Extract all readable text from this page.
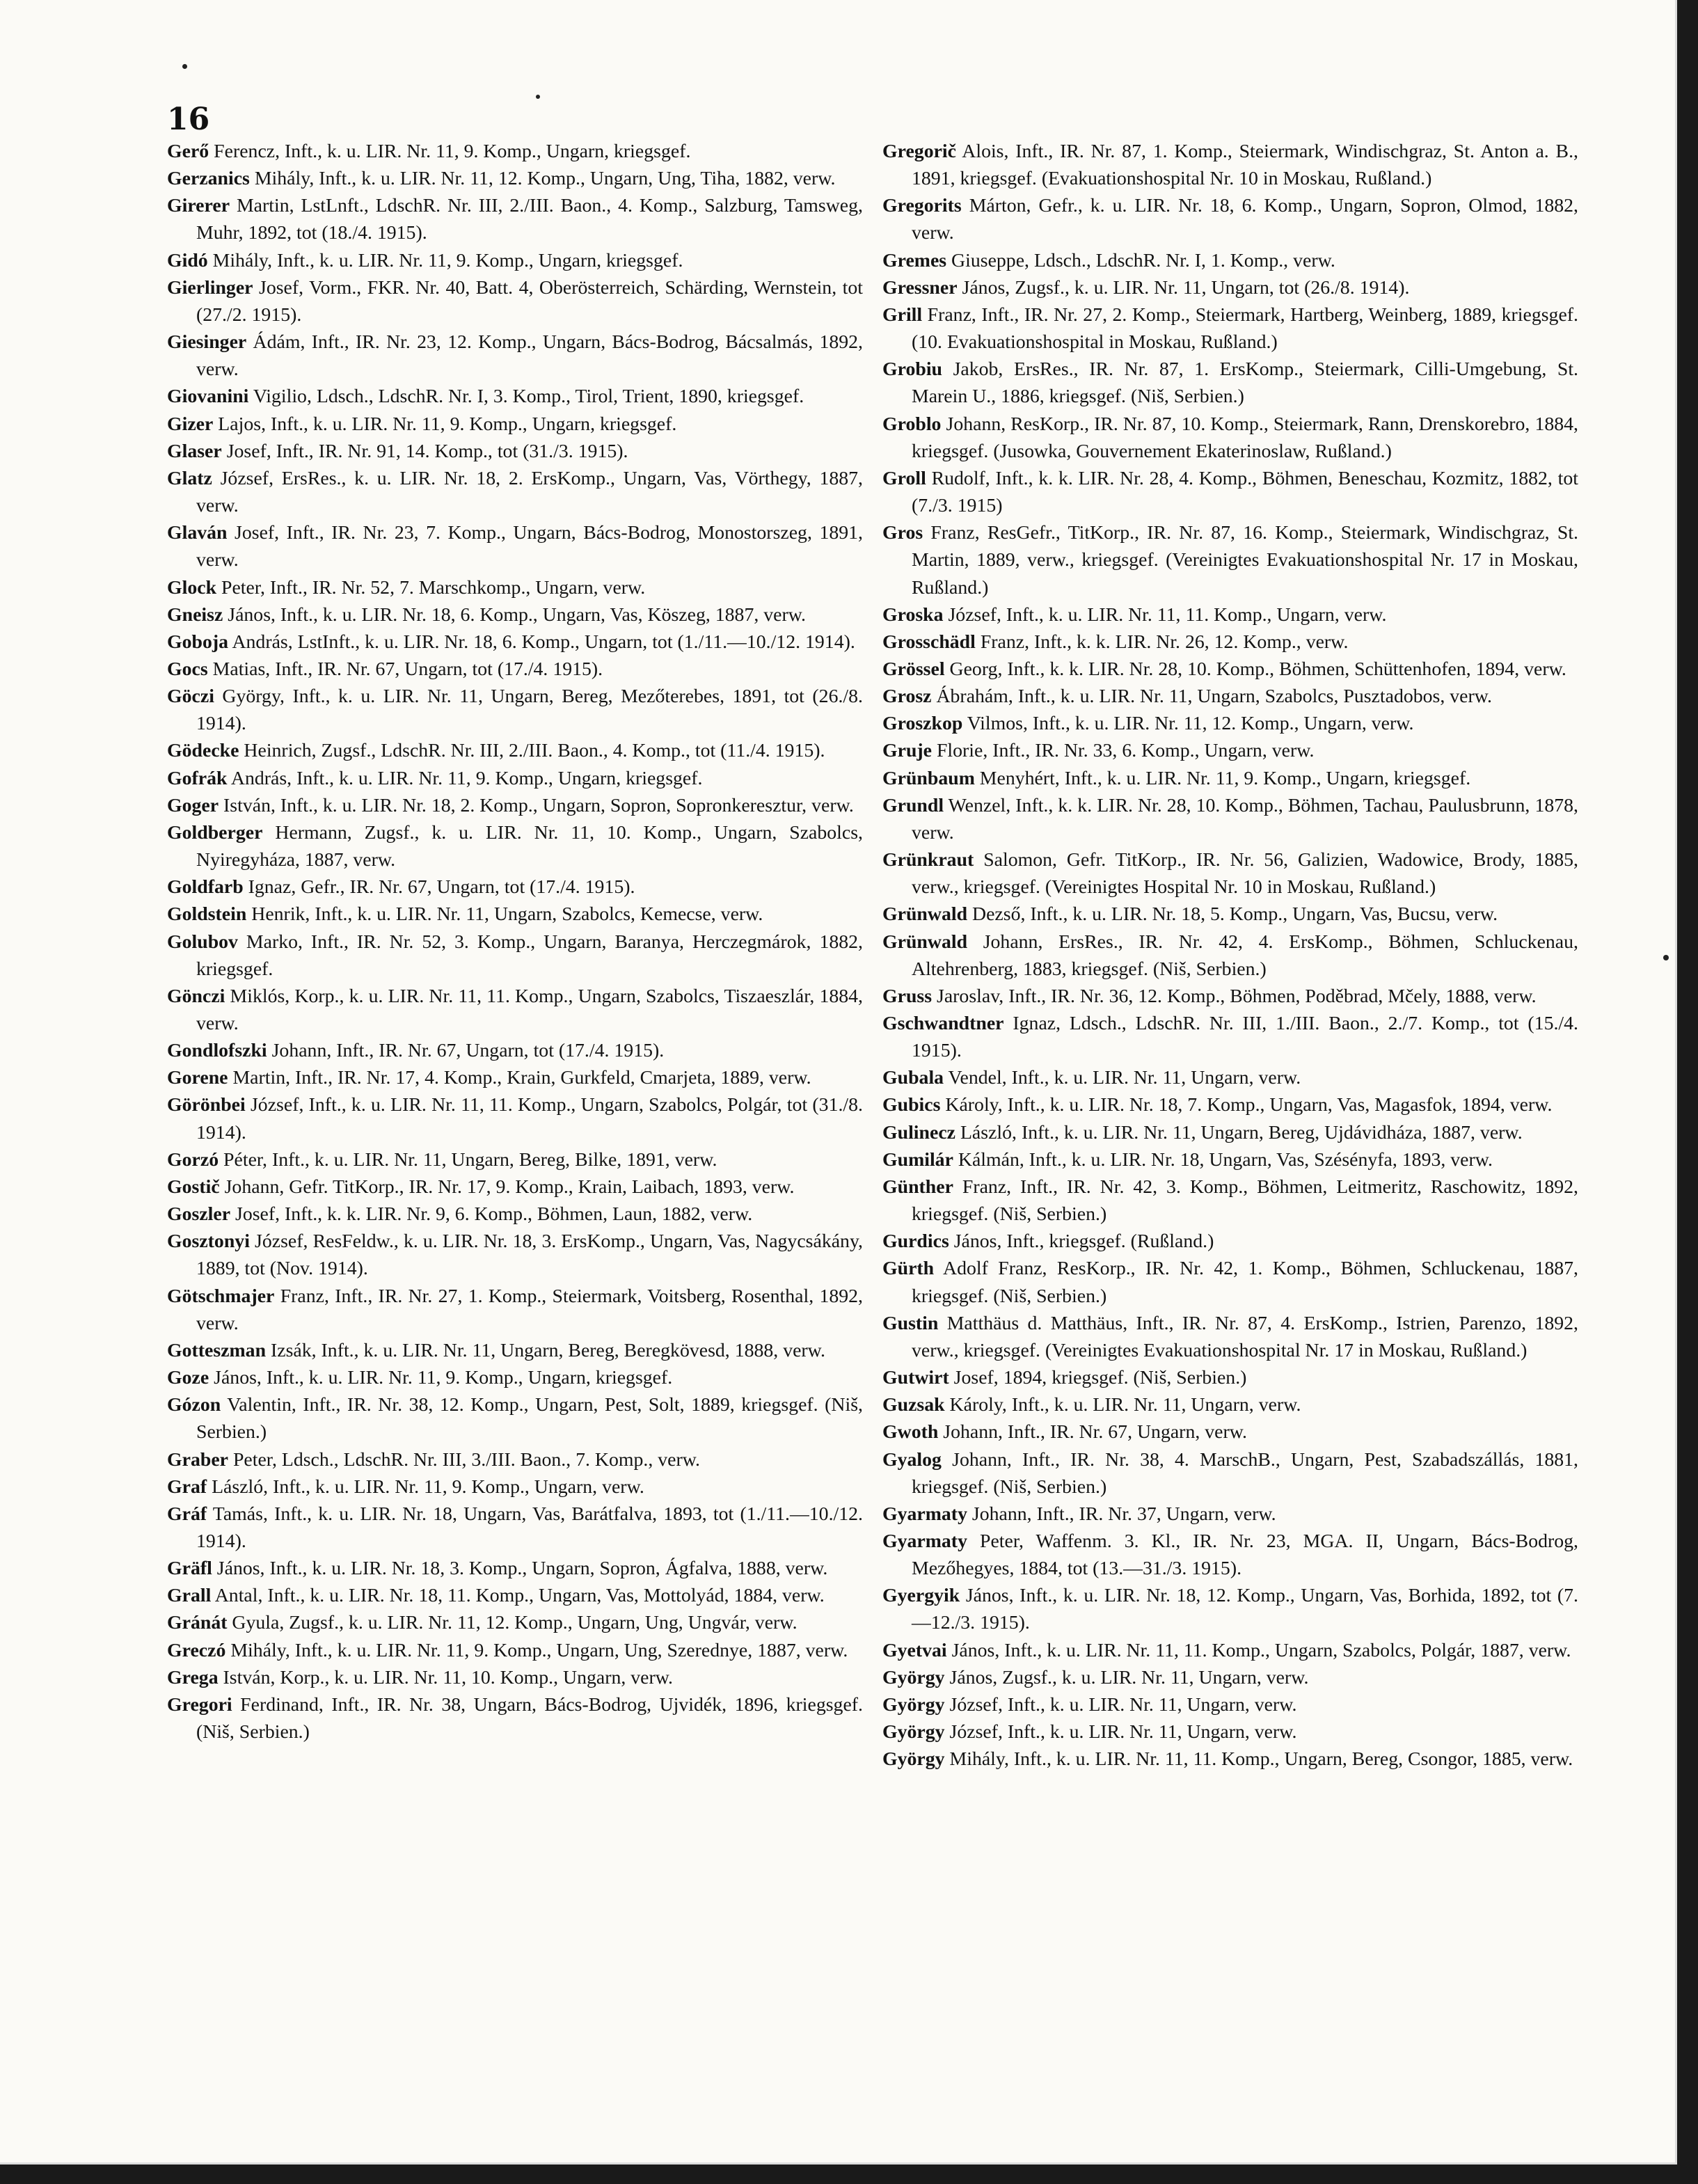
16

Gerő Ferencz, Inft., k. u. LIR. Nr. 11, 9. Komp., Ungarn, kriegsgef.

Gerzanics Mihály, Inft., k. u. LIR. Nr. 11, 12. Komp., Ungarn, Ung, Tiha, 1882, verw.

Girerer Martin, LstLnft., LdschR. Nr. III, 2./III. Baon., 4. Komp., Salzburg, Tamsweg, Muhr, 1892, tot (18./4. 1915).

Gidó Mihály, Inft., k. u. LIR. Nr. 11, 9. Komp., Ungarn, kriegsgef.

Gierlinger Josef, Vorm., FKR. Nr. 40, Batt. 4, Oberösterreich, Schärding, Wernstein, tot (27./2. 1915).

Giesinger Ádám, Inft., IR. Nr. 23, 12. Komp., Ungarn, Bács-Bodrog, Bácsalmás, 1892, verw.

Giovanini Vigilio, Ldsch., LdschR. Nr. I, 3. Komp., Tirol, Trient, 1890, kriegsgef.

Gizer Lajos, Inft., k. u. LIR. Nr. 11, 9. Komp., Ungarn, kriegsgef.

Glaser Josef, Inft., IR. Nr. 91, 14. Komp., tot (31./3. 1915).

Glatz József, ErsRes., k. u. LIR. Nr. 18, 2. ErsKomp., Ungarn, Vas, Vörthegy, 1887, verw.

Glaván Josef, Inft., IR. Nr. 23, 7. Komp., Ungarn, Bács-Bodrog, Monostorszeg, 1891, verw.

Glock Peter, Inft., IR. Nr. 52, 7. Marschkomp., Ungarn, verw.

Gneisz János, Inft., k. u. LIR. Nr. 18, 6. Komp., Ungarn, Vas, Köszeg, 1887, verw.

Goboja András, LstInft., k. u. LIR. Nr. 18, 6. Komp., Ungarn, tot (1./11.—10./12. 1914).

Gocs Matias, Inft., IR. Nr. 67, Ungarn, tot (17./4. 1915).

Göczi György, Inft., k. u. LIR. Nr. 11, Ungarn, Bereg, Mezőterebes, 1891, tot (26./8. 1914).

Gödecke Heinrich, Zugsf., LdschR. Nr. III, 2./III. Baon., 4. Komp., tot (11./4. 1915).

Gofrák András, Inft., k. u. LIR. Nr. 11, 9. Komp., Ungarn, kriegsgef.

Goger István, Inft., k. u. LIR. Nr. 18, 2. Komp., Ungarn, Sopron, Sopronkeresztur, verw.

Goldberger Hermann, Zugsf., k. u. LIR. Nr. 11, 10. Komp., Ungarn, Szabolcs, Nyiregyháza, 1887, verw.

Goldfarb Ignaz, Gefr., IR. Nr. 67, Ungarn, tot (17./4. 1915).

Goldstein Henrik, Inft., k. u. LIR. Nr. 11, Ungarn, Szabolcs, Kemecse, verw.

Golubov Marko, Inft., IR. Nr. 52, 3. Komp., Ungarn, Baranya, Herczegmárok, 1882, kriegsgef.

Gönczi Miklós, Korp., k. u. LIR. Nr. 11, 11. Komp., Ungarn, Szabolcs, Tiszaeszlár, 1884, verw.

Gondlofszki Johann, Inft., IR. Nr. 67, Ungarn, tot (17./4. 1915).

Gorene Martin, Inft., IR. Nr. 17, 4. Komp., Krain, Gurkfeld, Cmarjeta, 1889, verw.

Görönbei József, Inft., k. u. LIR. Nr. 11, 11. Komp., Ungarn, Szabolcs, Polgár, tot (31./8. 1914).

Gorzó Péter, Inft., k. u. LIR. Nr. 11, Ungarn, Bereg, Bilke, 1891, verw.

Gostič Johann, Gefr. TitKorp., IR. Nr. 17, 9. Komp., Krain, Laibach, 1893, verw.

Goszler Josef, Inft., k. k. LIR. Nr. 9, 6. Komp., Böhmen, Laun, 1882, verw.

Gosztonyi József, ResFeldw., k. u. LIR. Nr. 18, 3. ErsKomp., Ungarn, Vas, Nagycsákány, 1889, tot (Nov. 1914).

Götschmajer Franz, Inft., IR. Nr. 27, 1. Komp., Steiermark, Voitsberg, Rosenthal, 1892, verw.

Gotteszman Izsák, Inft., k. u. LIR. Nr. 11, Ungarn, Bereg, Beregkövesd, 1888, verw.

Goze János, Inft., k. u. LIR. Nr. 11, 9. Komp., Ungarn, kriegsgef.

Gózon Valentin, Inft., IR. Nr. 38, 12. Komp., Ungarn, Pest, Solt, 1889, kriegsgef. (Niš, Serbien.)

Graber Peter, Ldsch., LdschR. Nr. III, 3./III. Baon., 7. Komp., verw.

Graf László, Inft., k. u. LIR. Nr. 11, 9. Komp., Ungarn, verw.

Gráf Tamás, Inft., k. u. LIR. Nr. 18, Ungarn, Vas, Barátfalva, 1893, tot (1./11.—10./12. 1914).

Gräfl János, Inft., k. u. LIR. Nr. 18, 3. Komp., Ungarn, Sopron, Ágfalva, 1888, verw.

Grall Antal, Inft., k. u. LIR. Nr. 18, 11. Komp., Ungarn, Vas, Mottolyád, 1884, verw.

Gránát Gyula, Zugsf., k. u. LIR. Nr. 11, 12. Komp., Ungarn, Ung, Ungvár, verw.

Greczó Mihály, Inft., k. u. LIR. Nr. 11, 9. Komp., Ungarn, Ung, Szerednye, 1887, verw.

Grega István, Korp., k. u. LIR. Nr. 11, 10. Komp., Ungarn, verw.

Gregori Ferdinand, Inft., IR. Nr. 38, Ungarn, Bács-Bodrog, Ujvidék, 1896, kriegsgef. (Niš, Serbien.)

Gregorič Alois, Inft., IR. Nr. 87, 1. Komp., Steiermark, Windischgraz, St. Anton a. B., 1891, kriegsgef. (Evakuationshospital Nr. 10 in Moskau, Rußland.)

Gregorits Márton, Gefr., k. u. LIR. Nr. 18, 6. Komp., Ungarn, Sopron, Olmod, 1882, verw.

Gremes Giuseppe, Ldsch., LdschR. Nr. I, 1. Komp., verw.

Gressner János, Zugsf., k. u. LIR. Nr. 11, Ungarn, tot (26./8. 1914).

Grill Franz, Inft., IR. Nr. 27, 2. Komp., Steiermark, Hartberg, Weinberg, 1889, kriegsgef. (10. Evakuationshospital in Moskau, Rußland.)

Grobiu Jakob, ErsRes., IR. Nr. 87, 1. ErsKomp., Steiermark, Cilli-Umgebung, St. Marein U., 1886, kriegsgef. (Niš, Serbien.)

Groblo Johann, ResKorp., IR. Nr. 87, 10. Komp., Steiermark, Rann, Drenskorebro, 1884, kriegsgef. (Jusowka, Gouvernement Ekaterinoslaw, Rußland.)

Groll Rudolf, Inft., k. k. LIR. Nr. 28, 4. Komp., Böhmen, Beneschau, Kozmitz, 1882, tot (7./3. 1915)

Gros Franz, ResGefr., TitKorp., IR. Nr. 87, 16. Komp., Steiermark, Windischgraz, St. Martin, 1889, verw., kriegsgef. (Vereinigtes Evakuationshospital Nr. 17 in Moskau, Rußland.)

Groska József, Inft., k. u. LIR. Nr. 11, 11. Komp., Ungarn, verw.

Grosschädl Franz, Inft., k. k. LIR. Nr. 26, 12. Komp., verw.

Grössel Georg, Inft., k. k. LIR. Nr. 28, 10. Komp., Böhmen, Schüttenhofen, 1894, verw.

Grosz Ábrahám, Inft., k. u. LIR. Nr. 11, Ungarn, Szabolcs, Pusztadobos, verw.

Groszkop Vilmos, Inft., k. u. LIR. Nr. 11, 12. Komp., Ungarn, verw.

Gruje Florie, Inft., IR. Nr. 33, 6. Komp., Ungarn, verw.

Grünbaum Menyhért, Inft., k. u. LIR. Nr. 11, 9. Komp., Ungarn, kriegsgef.

Grundl Wenzel, Inft., k. k. LIR. Nr. 28, 10. Komp., Böhmen, Tachau, Paulusbrunn, 1878, verw.

Grünkraut Salomon, Gefr. TitKorp., IR. Nr. 56, Galizien, Wadowice, Brody, 1885, verw., kriegsgef. (Vereinigtes Hospital Nr. 10 in Moskau, Rußland.)

Grünwald Dezső, Inft., k. u. LIR. Nr. 18, 5. Komp., Ungarn, Vas, Bucsu, verw.

Grünwald Johann, ErsRes., IR. Nr. 42, 4. ErsKomp., Böhmen, Schluckenau, Altehrenberg, 1883, kriegsgef. (Niš, Serbien.)

Gruss Jaroslav, Inft., IR. Nr. 36, 12. Komp., Böhmen, Poděbrad, Mčely, 1888, verw.

Gschwandtner Ignaz, Ldsch., LdschR. Nr. III, 1./III. Baon., 2./7. Komp., tot (15./4. 1915).

Gubala Vendel, Inft., k. u. LIR. Nr. 11, Ungarn, verw.

Gubics Károly, Inft., k. u. LIR. Nr. 18, 7. Komp., Ungarn, Vas, Magasfok, 1894, verw.

Gulinecz László, Inft., k. u. LIR. Nr. 11, Ungarn, Bereg, Ujdávidháza, 1887, verw.

Gumilár Kálmán, Inft., k. u. LIR. Nr. 18, Ungarn, Vas, Szésényfa, 1893, verw.

Günther Franz, Inft., IR. Nr. 42, 3. Komp., Böhmen, Leitmeritz, Raschowitz, 1892, kriegsgef. (Niš, Serbien.)

Gurdics János, Inft., kriegsgef. (Rußland.)

Gürth Adolf Franz, ResKorp., IR. Nr. 42, 1. Komp., Böhmen, Schluckenau, 1887, kriegsgef. (Niš, Serbien.)

Gustin Matthäus d. Matthäus, Inft., IR. Nr. 87, 4. ErsKomp., Istrien, Parenzo, 1892, verw., kriegsgef. (Vereinigtes Evakuationshospital Nr. 17 in Moskau, Rußland.)

Gutwirt Josef, 1894, kriegsgef. (Niš, Serbien.)

Guzsak Károly, Inft., k. u. LIR. Nr. 11, Ungarn, verw.

Gwoth Johann, Inft., IR. Nr. 67, Ungarn, verw.

Gyalog Johann, Inft., IR. Nr. 38, 4. MarschB., Ungarn, Pest, Szabadszállás, 1881, kriegsgef. (Niš, Serbien.)

Gyarmaty Johann, Inft., IR. Nr. 37, Ungarn, verw.

Gyarmaty Peter, Waffenm. 3. Kl., IR. Nr. 23, MGA. II, Ungarn, Bács-Bodrog, Mezőhegyes, 1884, tot (13.—31./3. 1915).

Gyergyik János, Inft., k. u. LIR. Nr. 18, 12. Komp., Ungarn, Vas, Borhida, 1892, tot (7.—12./3. 1915).

Gyetvai János, Inft., k. u. LIR. Nr. 11, 11. Komp., Ungarn, Szabolcs, Polgár, 1887, verw.

György János, Zugsf., k. u. LIR. Nr. 11, Ungarn, verw.

György József, Inft., k. u. LIR. Nr. 11, Ungarn, verw.

György József, Inft., k. u. LIR. Nr. 11, Ungarn, verw.

György Mihály, Inft., k. u. LIR. Nr. 11, 11. Komp., Ungarn, Bereg, Csongor, 1885, verw.
